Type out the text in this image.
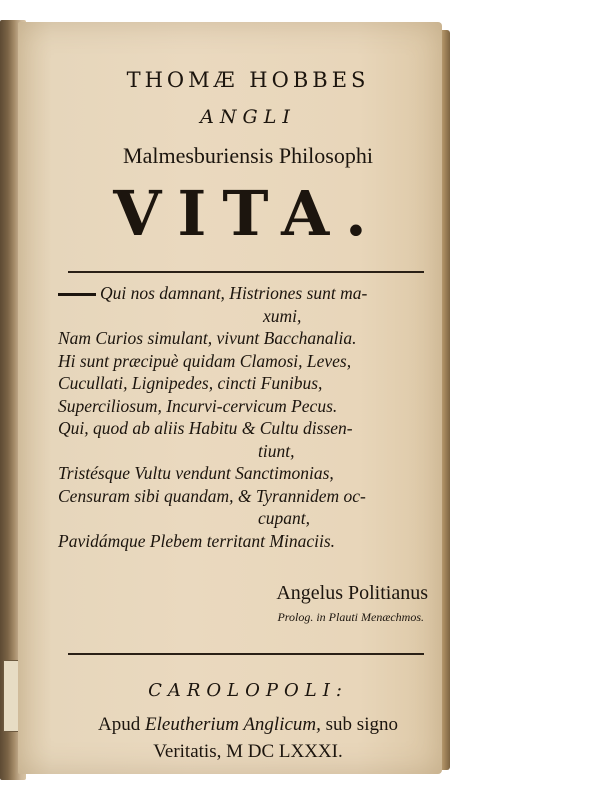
THOMÆ HOBBES
ANGLI
Malmesburiensis Philosophi
VITA.
Qui nos damnant, Histriones sunt ma-
xumi,
Nam Curios simulant, vivunt Bacchanalia.
Hi sunt præcipuè quidam Clamosi, Leves,
Cucullati, Lignipedes, cincti Funibus,
Superciliosum, Incurvi-cervicum Pecus.
Qui, quod ab aliis Habitu & Cultu dissen-
tiunt,
Tristésque Vultu vendunt Sanctimonias,
Censuram sibi quandam, & Tyrannidem oc-
cupant,
Pavidámque Plebem territant Minaciis.
Angelus Politianus
Prolog. in Plauti Menæchmos.
CAROLOPOLI:
Apud Eleutherium Anglicum, sub signo
Veritatis, M DC LXXXI.
